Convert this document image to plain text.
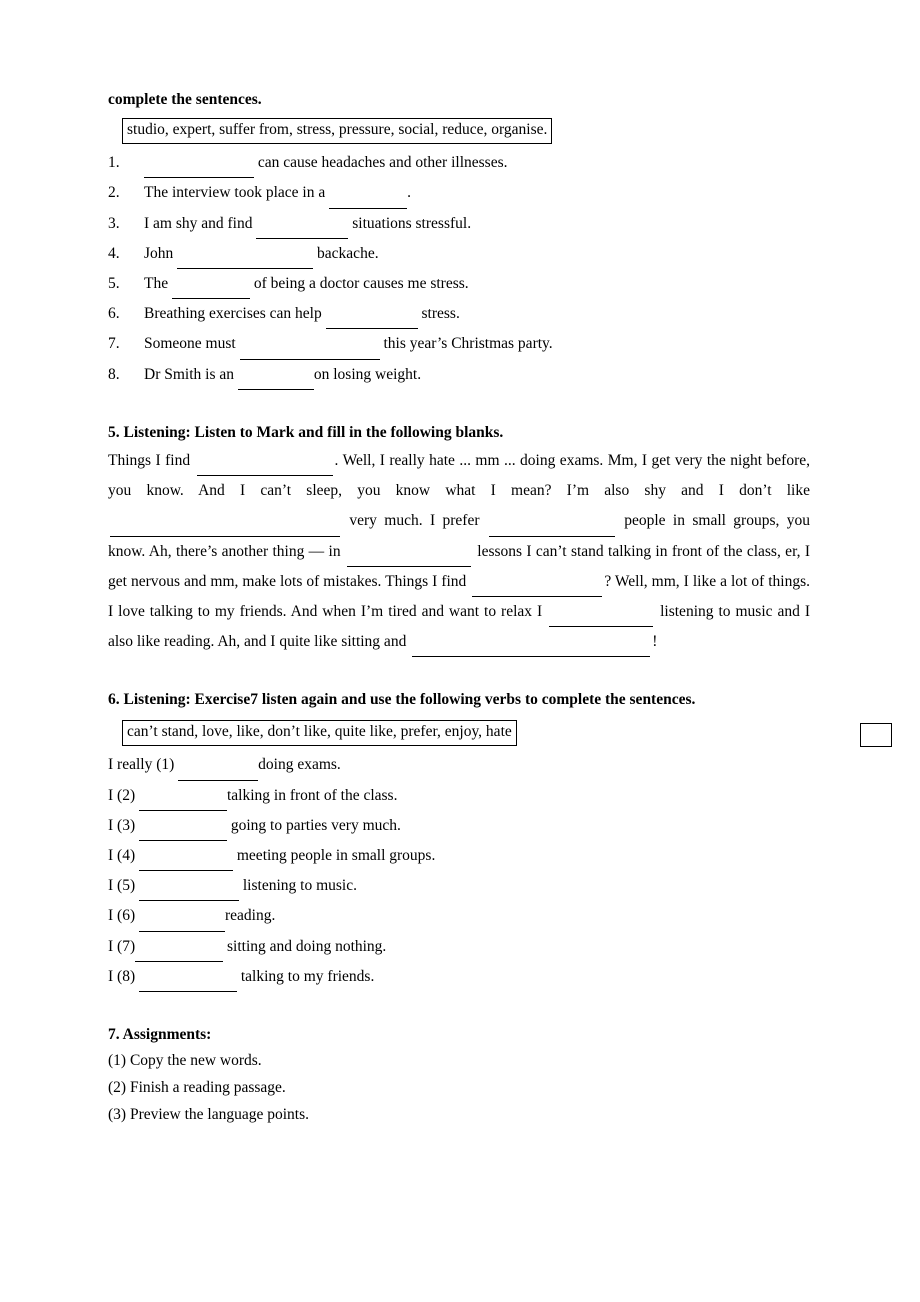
complete the sentences.

studio, expert, suffer from, stress, pressure, social, reduce, organise.
1.	can cause headaches and other illnesses.
2.	The interview took place in a	.
3.	I am shy and find	situations stressful.
4.	John	backache.
5.	The	of being a doctor causes me stress.
6.	Breathing exercises can help	stress.
7.	Someone must	this year’s Christmas party.
8.	Dr Smith is an	on losing weight.

5. Listening: Listen to Mark and fill in the following blanks.

Things I find	. Well, I really hate ... mm ... doing exams. Mm, I get very the night before, you know. And I can’t sleep, you know what I mean? I’m also shy and I don’t like  very much. I prefer	people in small groups, you know. Ah, there’s another thing — in	lessons I can’t stand talking in front of the class, er, I get nervous and mm, make lots of mistakes. Things I find	? Well, mm, I like a lot of things. I love talking to my friends. And when I’m tired and want to relax I	listening to music and I also like reading. Ah, and I quite like sitting and	!

6. Listening: Exercise7 listen again and use the following verbs to complete the sentences.

can’t stand, love, like, don’t like, quite like, prefer, enjoy, hate
I really (1)	doing exams.
I (2)	talking in front of the class.
I (3)	going to parties very much.
I (4)	meeting people in small groups.
I (5)	listening to music.
I (6)	reading.
I (7)	sitting and doing nothing.
I (8)	talking to my friends.

7. Assignments:

(1) Copy the new words.
(2) Finish a reading passage.
(3) Preview the language points.
